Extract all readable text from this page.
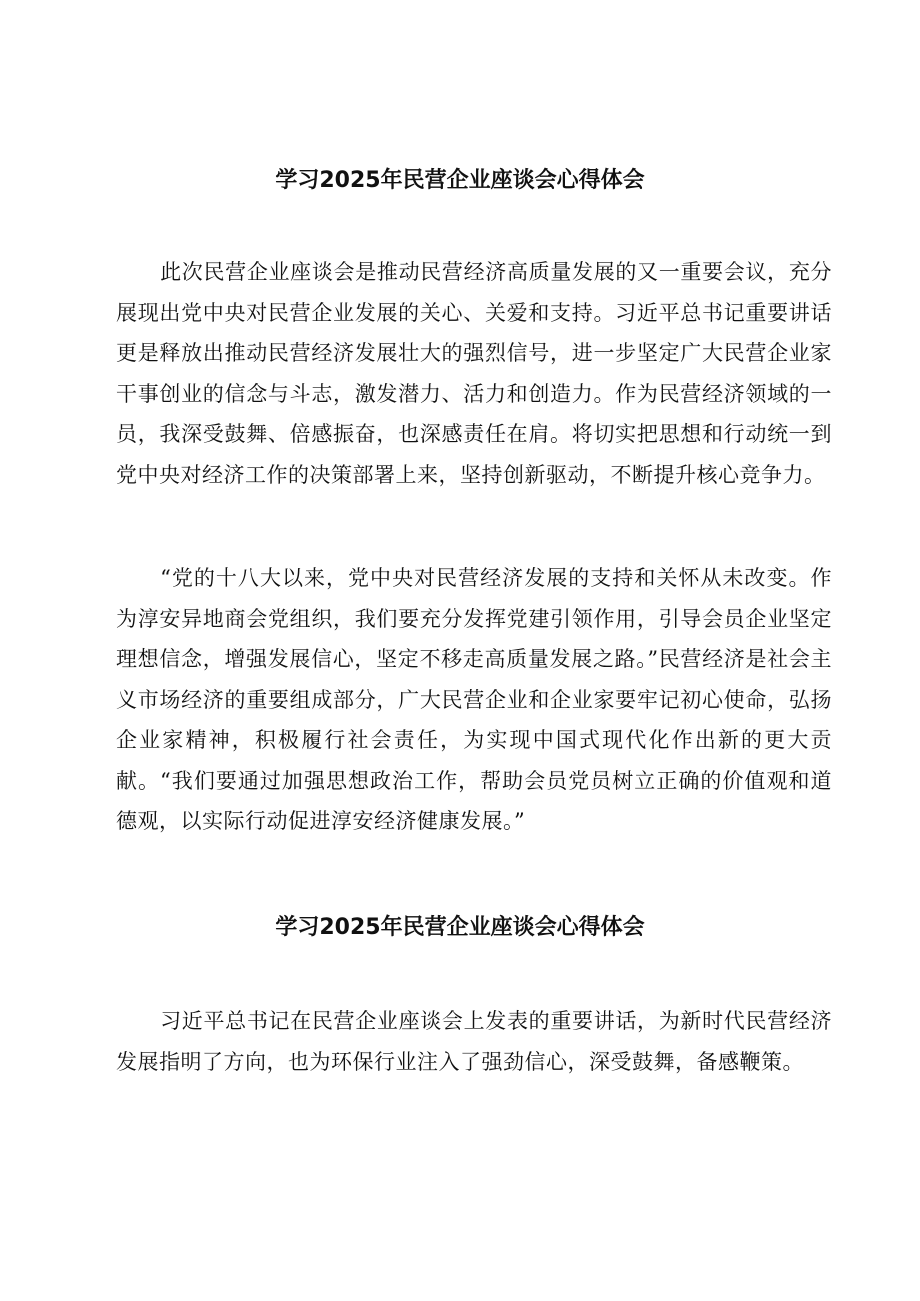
学习2025年民营企业座谈会心得体会

此次民营企业座谈会是推动民营经济高质量发展的又一重要会议，充分展现出党中央对民营企业发展的关心、关爱和支持。习近平总书记重要讲话更是释放出推动民营经济发展壮大的强烈信号，进一步坚定广大民营企业家干事创业的信念与斗志，激发潜力、活力和创造力。作为民营经济领域的一员，我深受鼓舞、倍感振奋，也深感责任在肩。将切实把思想和行动统一到党中央对经济工作的决策部署上来，坚持创新驱动，不断提升核心竞争力。

“党的十八大以来，党中央对民营经济发展的支持和关怀从未改变。作为淳安异地商会党组织，我们要充分发挥党建引领作用，引导会员企业坚定理想信念，增强发展信心，坚定不移走高质量发展之路。”民营经济是社会主义市场经济的重要组成部分，广大民营企业和企业家要牢记初心使命，弘扬企业家精神，积极履行社会责任，为实现中国式现代化作出新的更大贡献。“我们要通过加强思想政治工作，帮助会员党员树立正确的价值观和道德观，以实际行动促进淳安经济健康发展。”

学习2025年民营企业座谈会心得体会

习近平总书记在民营企业座谈会上发表的重要讲话，为新时代民营经济发展指明了方向，也为环保行业注入了强劲信心，深受鼓舞，备感鞭策。
